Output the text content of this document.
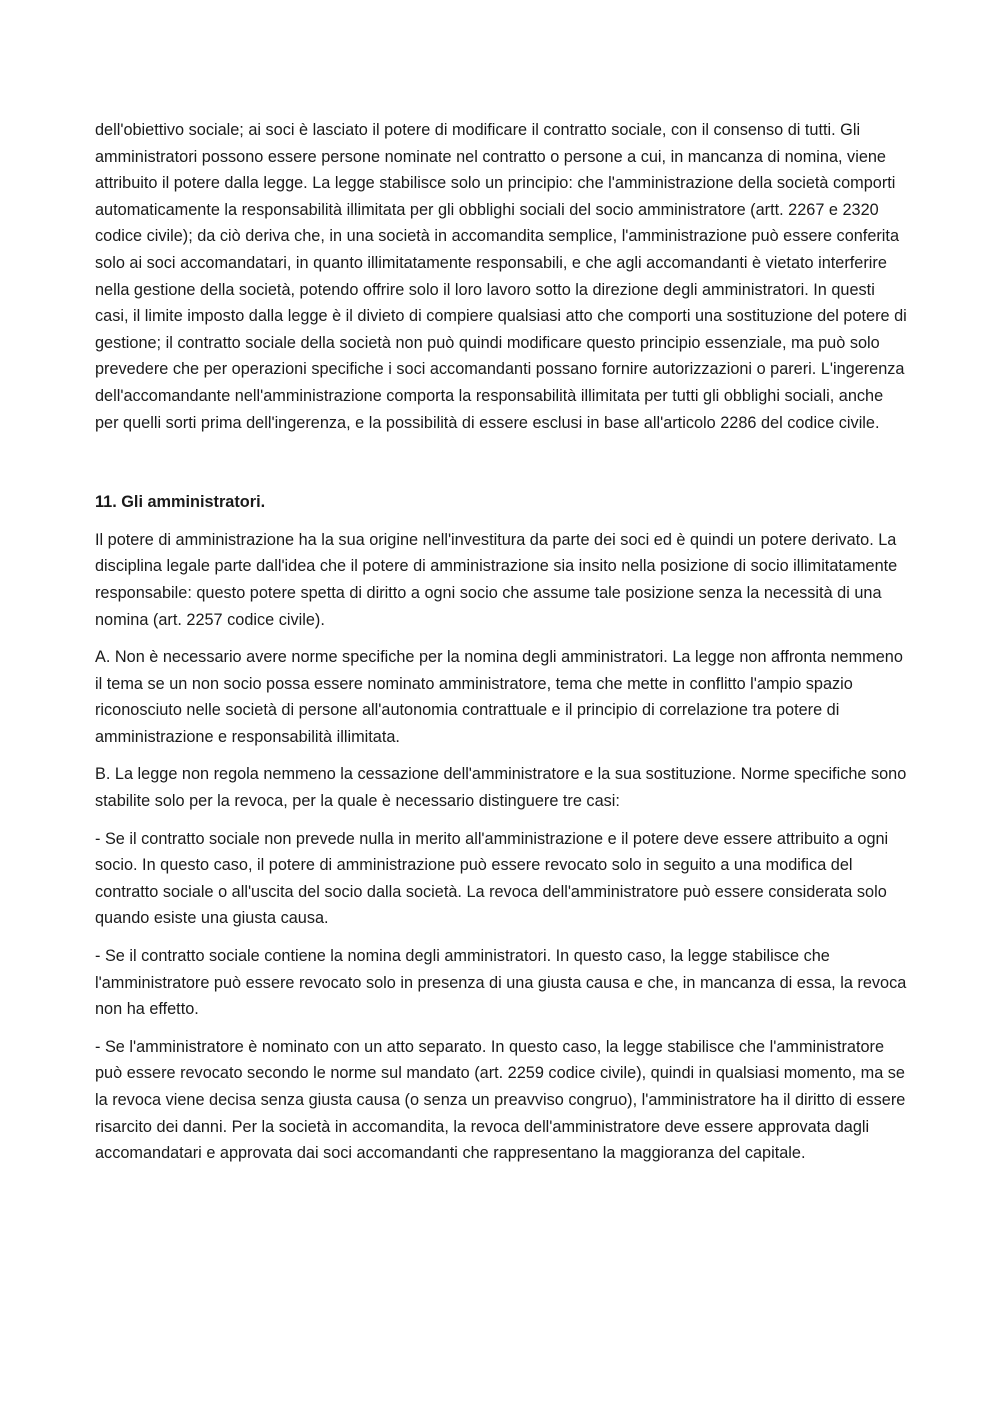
dell'obiettivo sociale; ai soci è lasciato il potere di modificare il contratto sociale, con il consenso di tutti. Gli amministratori possono essere persone nominate nel contratto o persone a cui, in mancanza di nomina, viene attribuito il potere dalla legge. La legge stabilisce solo un principio: che l'amministrazione della società comporti automaticamente la responsabilità illimitata per gli obblighi sociali del socio amministratore (artt. 2267 e 2320 codice civile); da ciò deriva che, in una società in accomandita semplice, l'amministrazione può essere conferita solo ai soci accomandatari, in quanto illimitatamente responsabili, e che agli accomandanti è vietato interferire nella gestione della società, potendo offrire solo il loro lavoro sotto la direzione degli amministratori. In questi casi, il limite imposto dalla legge è il divieto di compiere qualsiasi atto che comporti una sostituzione del potere di gestione; il contratto sociale della società non può quindi modificare questo principio essenziale, ma può solo prevedere che per operazioni specifiche i soci accomandanti possano fornire autorizzazioni o pareri. L'ingerenza dell'accomandante nell'amministrazione comporta la responsabilità illimitata per tutti gli obblighi sociali, anche per quelli sorti prima dell'ingerenza, e la possibilità di essere esclusi in base all'articolo 2286 del codice civile.

11. Gli amministratori.

Il potere di amministrazione ha la sua origine nell'investitura da parte dei soci ed è quindi un potere derivato. La disciplina legale parte dall'idea che il potere di amministrazione sia insito nella posizione di socio illimitatamente responsabile: questo potere spetta di diritto a ogni socio che assume tale posizione senza la necessità di una nomina (art. 2257 codice civile).

A. Non è necessario avere norme specifiche per la nomina degli amministratori. La legge non affronta nemmeno il tema se un non socio possa essere nominato amministratore, tema che mette in conflitto l'ampio spazio riconosciuto nelle società di persone all'autonomia contrattuale e il principio di correlazione tra potere di amministrazione e responsabilità illimitata.

B. La legge non regola nemmeno la cessazione dell'amministratore e la sua sostituzione. Norme specifiche sono stabilite solo per la revoca, per la quale è necessario distinguere tre casi:

- Se il contratto sociale non prevede nulla in merito all'amministrazione e il potere deve essere attribuito a ogni socio. In questo caso, il potere di amministrazione può essere revocato solo in seguito a una modifica del contratto sociale o all'uscita del socio dalla società. La revoca dell'amministratore può essere considerata solo quando esiste una giusta causa.

- Se il contratto sociale contiene la nomina degli amministratori. In questo caso, la legge stabilisce che l'amministratore può essere revocato solo in presenza di una giusta causa e che, in mancanza di essa, la revoca non ha effetto.

- Se l'amministratore è nominato con un atto separato. In questo caso, la legge stabilisce che l'amministratore può essere revocato secondo le norme sul mandato (art. 2259 codice civile), quindi in qualsiasi momento, ma se la revoca viene decisa senza giusta causa (o senza un preavviso congruo), l'amministratore ha il diritto di essere risarcito dei danni. Per la società in accomandita, la revoca dell'amministratore deve essere approvata dagli accomandatari e approvata dai soci accomandanti che rappresentano la maggioranza del capitale.
